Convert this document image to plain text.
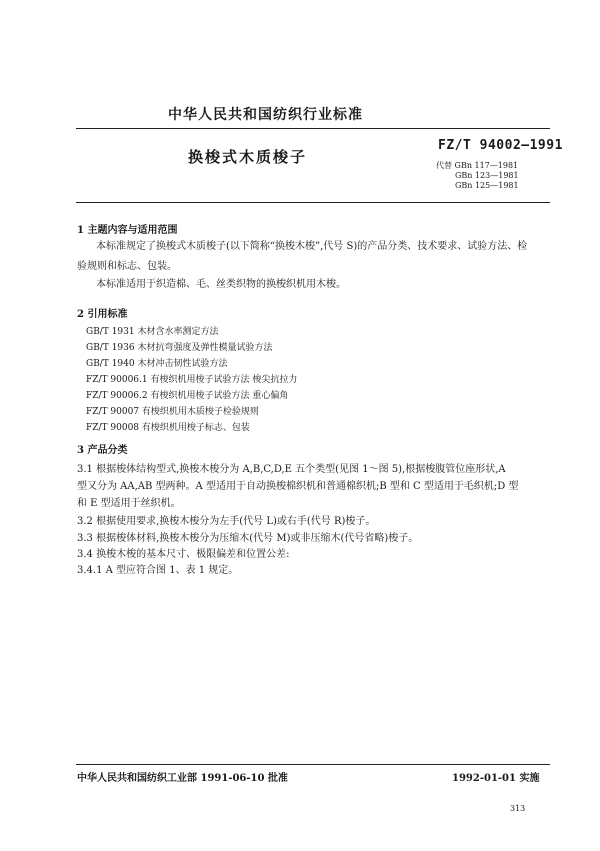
中华人民共和国纺织行业标准
FZ/T 94002—1991
换梭式木质梭子	代替 GBn 117—1981
GBn 123—1981
GBn 125—1981
1 主题内容与适用范围
本标准规定了换梭式木质梭子(以下简称“换梭木梭”,代号 S)的产品分类、技术要求、试验方法、检
验规则和标志、包装。
本标准适用于织造棉、毛、丝类织物的换梭织机用木梭。
2 引用标准
GB/T 1931 木材含水率测定方法
GB/T 1936 木材抗弯强度及弹性模量试验方法
GB/T 1940 木材冲击韧性试验方法
FZ/T 90006.1 有梭织机用梭子试验方法 梭尖抗拉力
FZ/T 90006.2 有梭织机用梭子试验方法 重心偏角
FZ/T 90007 有梭织机用木质梭子检验规则
FZ/T 90008 有梭织机用梭子标志、包装
3 产品分类
3.1 根据梭体结构型式,换梭木梭分为 A,B,C,D,E 五个类型(见图 1～图 5),根据梭腹管位座形状,A
型又分为 AA,AB 型两种。A 型适用于自动换梭棉织机和普通棉织机;B 型和 C 型适用于毛织机;D 型
和 E 型适用于丝织机。
3.2 根据使用要求,换梭木梭分为左手(代号 L)或右手(代号 R)梭子。
3.3 根据梭体材料,换梭木梭分为压缩木(代号 M)或非压缩木(代号省略)梭子。
3.4 换梭木梭的基本尺寸、极限偏差和位置公差:
3.4.1 A 型应符合图 1、表 1 规定。
中华人民共和国纺织工业部 1991-06-10 批准	1992-01-01 实施
313
